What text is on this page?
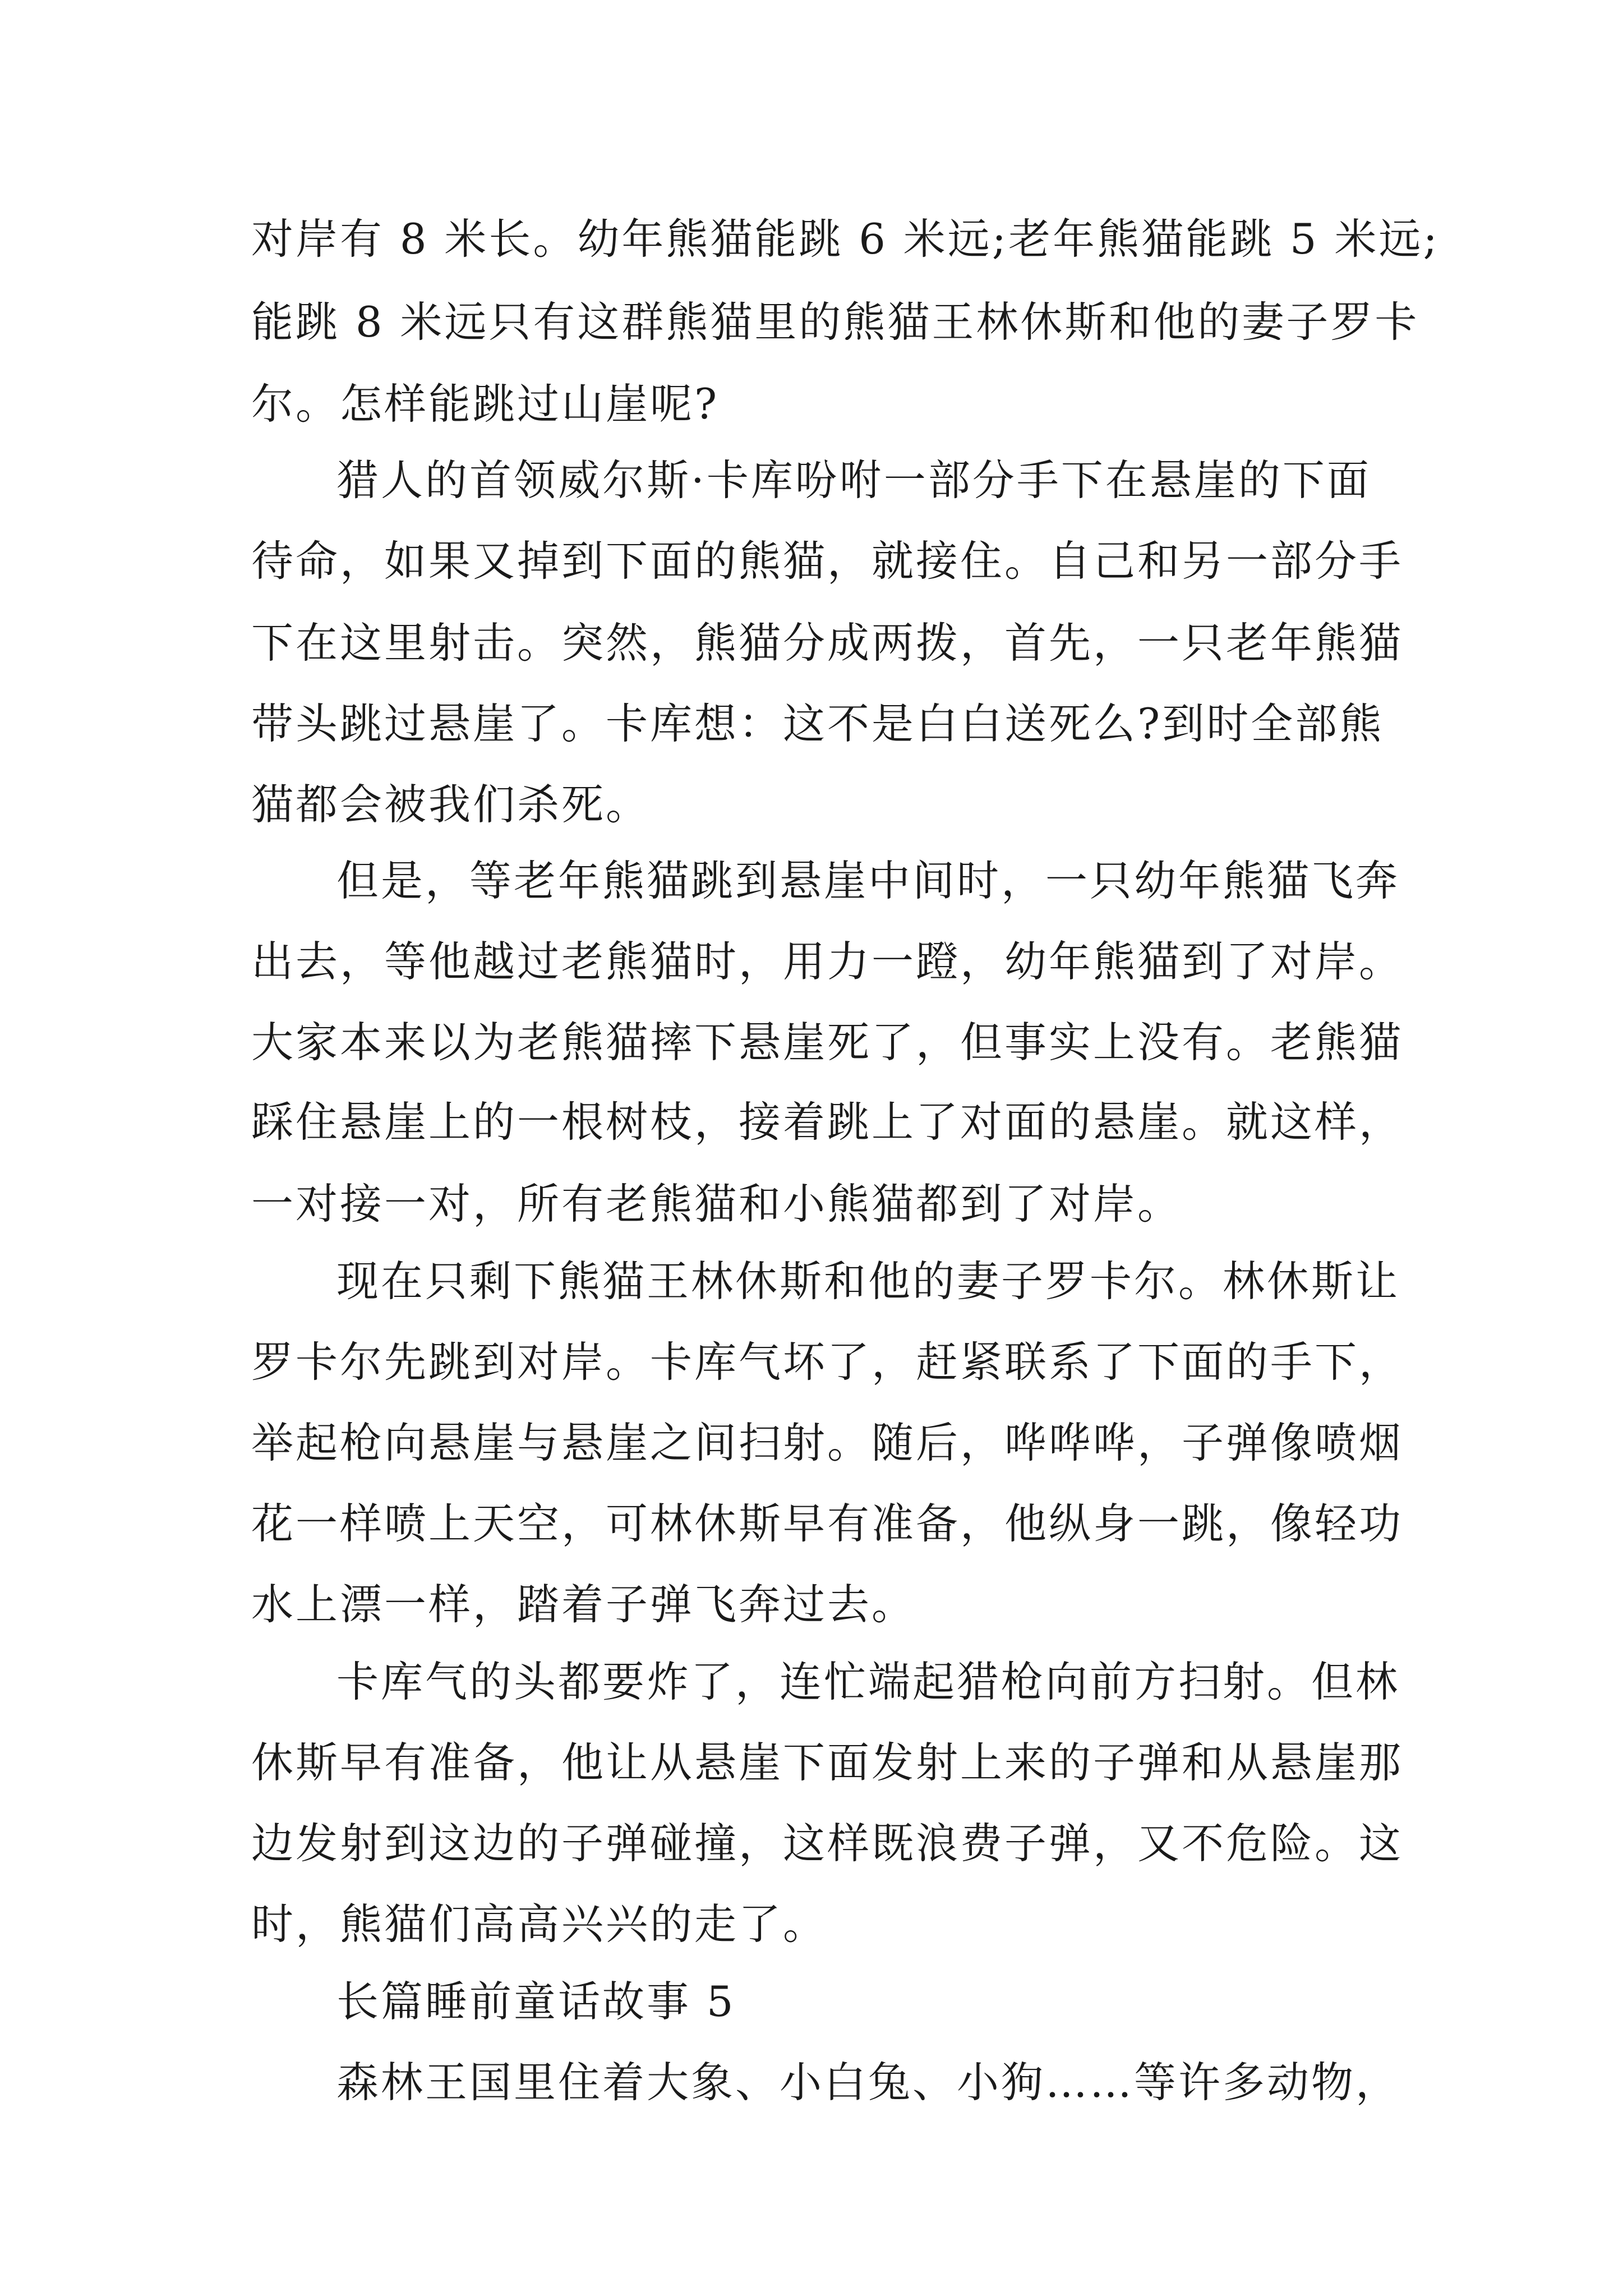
对岸有 8 米长。幼年熊猫能跳 6 米远;老年熊猫能跳 5 米远;

能跳 8 米远只有这群熊猫里的熊猫王林休斯和他的妻子罗卡

尔。怎样能跳过山崖呢?

猎人的首领威尔斯·卡库吩咐一部分手下在悬崖的下面

待命，如果又掉到下面的熊猫，就接住。自己和另一部分手

下在这里射击。突然，熊猫分成两拨，首先，一只老年熊猫

带头跳过悬崖了。卡库想：这不是白白送死么?到时全部熊

猫都会被我们杀死。

但是，等老年熊猫跳到悬崖中间时，一只幼年熊猫飞奔

出去，等他越过老熊猫时，用力一蹬，幼年熊猫到了对岸。

大家本来以为老熊猫摔下悬崖死了，但事实上没有。老熊猫

踩住悬崖上的一根树枝，接着跳上了对面的悬崖。就这样，

一对接一对，所有老熊猫和小熊猫都到了对岸。

现在只剩下熊猫王林休斯和他的妻子罗卡尔。林休斯让

罗卡尔先跳到对岸。卡库气坏了，赶紧联系了下面的手下，

举起枪向悬崖与悬崖之间扫射。随后，哗哗哗，子弹像喷烟

花一样喷上天空，可林休斯早有准备，他纵身一跳，像轻功

水上漂一样，踏着子弹飞奔过去。

卡库气的头都要炸了，连忙端起猎枪向前方扫射。但林

休斯早有准备，他让从悬崖下面发射上来的子弹和从悬崖那

边发射到这边的子弹碰撞，这样既浪费子弹，又不危险。这

时，熊猫们高高兴兴的走了。

长篇睡前童话故事 5

森林王国里住着大象、小白兔、小狗……等许多动物，
